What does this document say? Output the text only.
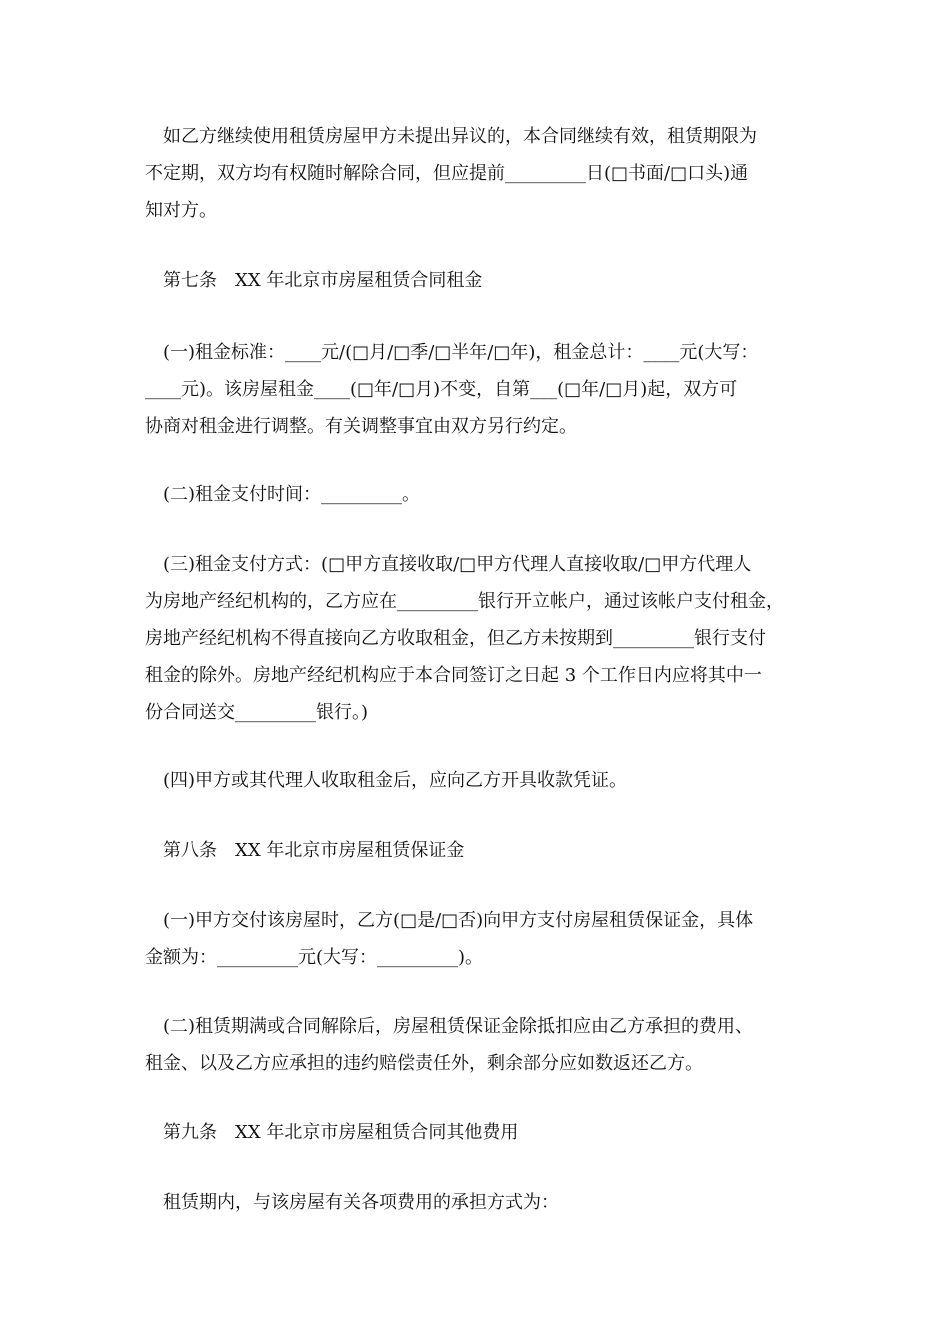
如乙方继续使用租赁房屋甲方未提出异议的，本合同继续有效，租赁期限为
不定期，双方均有权随时解除合同，但应提前_________日(□书面/□口头)通
知对方。

第七条　XX 年北京市房屋租赁合同租金

(一)租金标准：____元/(□月/□季/□半年/□年)，租金总计：____元(大写：
____元)。该房屋租金____(□年/□月)不变，自第___(□年/□月)起，双方可
协商对租金进行调整。有关调整事宜由双方另行约定。

(二)租金支付时间：_________。

(三)租金支付方式：(□甲方直接收取/□甲方代理人直接收取/□甲方代理人
为房地产经纪机构的，乙方应在_________银行开立帐户，通过该帐户支付租金，
房地产经纪机构不得直接向乙方收取租金，但乙方未按期到_________银行支付
租金的除外。房地产经纪机构应于本合同签订之日起 3 个工作日内应将其中一
份合同送交_________银行。)

(四)甲方或其代理人收取租金后，应向乙方开具收款凭证。

第八条　XX 年北京市房屋租赁保证金

(一)甲方交付该房屋时，乙方(□是/□否)向甲方支付房屋租赁保证金，具体
金额为：_________元(大写：_________)。

(二)租赁期满或合同解除后，房屋租赁保证金除抵扣应由乙方承担的费用、
租金、以及乙方应承担的违约赔偿责任外，剩余部分应如数返还乙方。

第九条　XX 年北京市房屋租赁合同其他费用

租赁期内，与该房屋有关各项费用的承担方式为：
